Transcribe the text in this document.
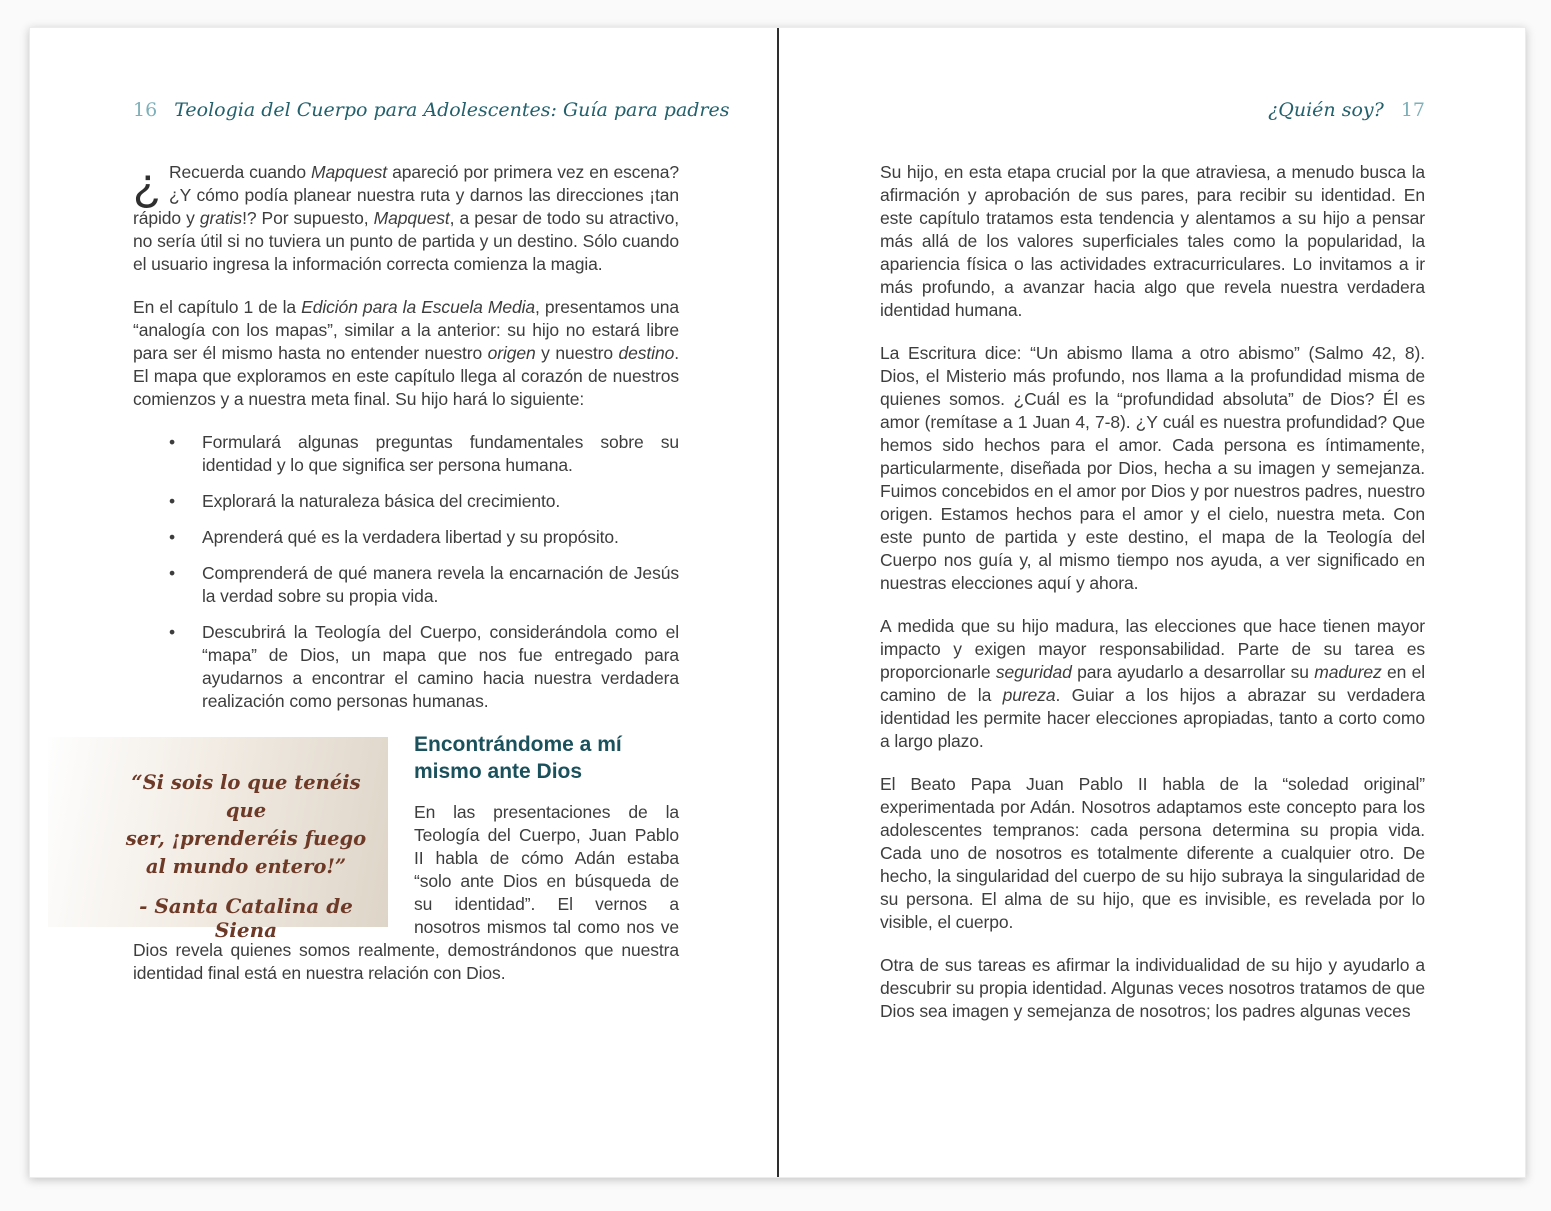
16 Teologia del Cuerpo para Adolescentes: Guía para padres

¿ Recuerda cuando Mapquest apareció por primera vez en escena? ¿Y cómo podía planear nuestra ruta y darnos las direcciones ¡tan rápido y gratis!? Por supuesto, Mapquest, a pesar de todo su atractivo, no sería útil si no tuviera un punto de partida y un destino. Sólo cuando el usuario ingresa la información correcta comienza la magia.

En el capítulo 1 de la Edición para la Escuela Media, presentamos una “analogía con los mapas”, similar a la anterior: su hijo no estará libre para ser él mismo hasta no entender nuestro origen y nuestro destino. El mapa que exploramos en este capítulo llega al corazón de nuestros comienzos y a nuestra meta final. Su hijo hará lo siguiente:

•	Formulará algunas preguntas fundamentales sobre su identidad y lo que significa ser persona humana.
•	Explorará la naturaleza básica del crecimiento.
•	Aprenderá qué es la verdadera libertad y su propósito.
•	Comprenderá de qué manera revela la encarnación de Jesús la verdad sobre su propia vida.
•	Descubrirá la Teología del Cuerpo, considerándola como el “mapa” de Dios, un mapa que nos fue entregado para ayudarnos a encontrar el camino hacia nuestra verdadera realización como personas humanas.
“Si sois lo que tenéis que
ser, ¡prenderéis fuego
al mundo entero!”
- Santa Catalina de Siena
Encontrándome a mí mismo ante Dios
En las presentaciones de la Teología del Cuerpo, Juan Pablo II habla de cómo Adán estaba “solo ante Dios en búsqueda de su identidad”. El vernos a nosotros mismos tal como nos ve Dios revela quienes somos realmente, demostrándonos que nuestra identidad final está en nuestra relación con Dios.
¿Quién soy? 17

Su hijo, en esta etapa crucial por la que atraviesa, a menudo busca la afirmación y aprobación de sus pares, para recibir su identidad. En este capítulo tratamos esta tendencia y alentamos a su hijo a pensar más allá de los valores superficiales tales como la popularidad, la apariencia física o las actividades extracurriculares. Lo invitamos a ir más profundo, a avanzar hacia algo que revela nuestra verdadera identidad humana.

La Escritura dice: “Un abismo llama a otro abismo” (Salmo 42, 8). Dios, el Misterio más profundo, nos llama a la profundidad misma de quienes somos. ¿Cuál es la “profundidad absoluta” de Dios? Él es amor (remítase a 1 Juan 4, 7-8). ¿Y cuál es nuestra profundidad? Que hemos sido hechos para el amor. Cada persona es íntimamente, particularmente, diseñada por Dios, hecha a su imagen y semejanza. Fuimos concebidos en el amor por Dios y por nuestros padres, nuestro origen. Estamos hechos para el amor y el cielo, nuestra meta. Con este punto de partida y este destino, el mapa de la Teología del Cuerpo nos guía y, al mismo tiempo nos ayuda, a ver significado en nuestras elecciones aquí y ahora.

A medida que su hijo madura, las elecciones que hace tienen mayor impacto y exigen mayor responsabilidad. Parte de su tarea es proporcionarle seguridad para ayudarlo a desarrollar su madurez en el camino de la pureza. Guiar a los hijos a abrazar su verdadera identidad les permite hacer elecciones apropiadas, tanto a corto como a largo plazo.

El Beato Papa Juan Pablo II habla de la “soledad original” experimentada por Adán. Nosotros adaptamos este concepto para los adolescentes tempranos: cada persona determina su propia vida. Cada uno de nosotros es totalmente diferente a cualquier otro. De hecho, la singularidad del cuerpo de su hijo subraya la singularidad de su persona. El alma de su hijo, que es invisible, es revelada por lo visible, el cuerpo.

Otra de sus tareas es afirmar la individualidad de su hijo y ayudarlo a descubrir su propia identidad. Algunas veces nosotros tratamos de que Dios sea imagen y semejanza de nosotros; los padres algunas veces
